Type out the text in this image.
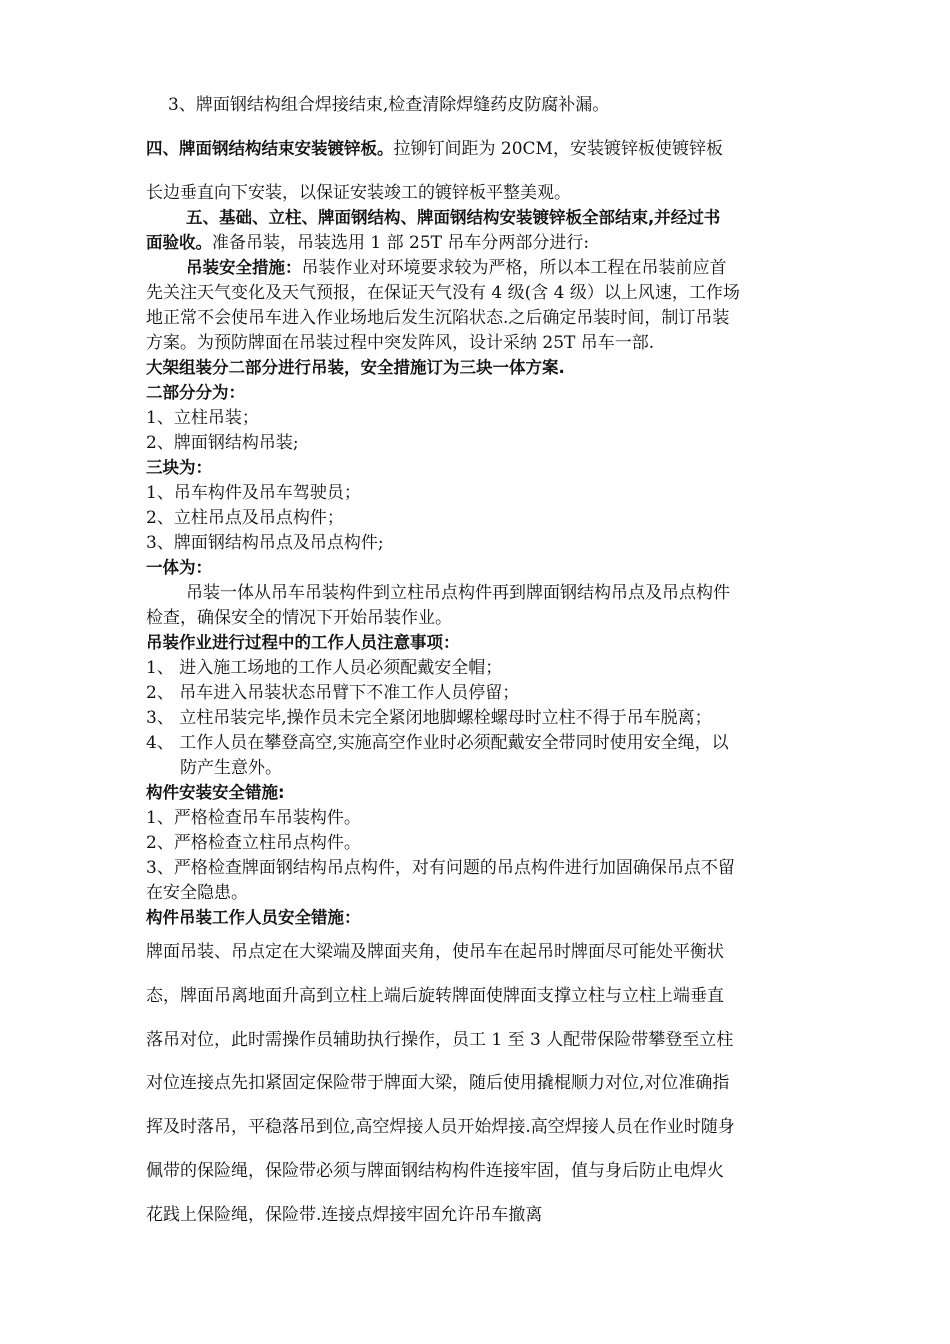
3、牌面钢结构组合焊接结束,检查清除焊缝药皮防腐补漏。
四、牌面钢结构结束安装镀锌板。拉铆钉间距为 20CM，安装镀锌板使镀锌板
长边垂直向下安装，以保证安装竣工的镀锌板平整美观。
五、基础、立柱、牌面钢结构、牌面钢结构安装镀锌板全部结束,并经过书
面验收。准备吊装，吊装选用 1 部 25T 吊车分两部分进行:
吊装安全措施：吊装作业对环境要求较为严格，所以本工程在吊装前应首
先关注天气变化及天气预报，在保证天气没有 4 级(含 4 级）以上风速，工作场
地正常不会使吊车进入作业场地后发生沉陷状态.之后确定吊装时间，制订吊装
方案。为预防牌面在吊装过程中突发阵风，设计采纳 25T 吊车一部.
大架组装分二部分进行吊装，安全措施订为三块一体方案.
二部分分为：
1、立柱吊装；
2、牌面钢结构吊装;
三块为：
1、吊车构件及吊车驾驶员；
2、立柱吊点及吊点构件；
3、牌面钢结构吊点及吊点构件;
一体为：
吊装一体从吊车吊装构件到立柱吊点构件再到牌面钢结构吊点及吊点构件
检查，确保安全的情况下开始吊装作业。
吊装作业进行过程中的工作人员注意事项：
1、 进入施工场地的工作人员必须配戴安全帽；
2、 吊车进入吊装状态吊臂下不准工作人员停留；
3、 立柱吊装完毕,操作员未完全紧闭地脚螺栓螺母时立柱不得于吊车脱离；
4、 工作人员在攀登高空,实施高空作业时必须配戴安全带同时使用安全绳，以
防产生意外。
构件安装安全错施:
1、严格检查吊车吊装构件。
2、严格检查立柱吊点构件。
3、严格检查牌面钢结构吊点构件，对有问题的吊点构件进行加固确保吊点不留
在安全隐患。
构件吊装工作人员安全错施：
牌面吊装、吊点定在大梁端及牌面夹角，使吊车在起吊时牌面尽可能处平衡状
态，牌面吊离地面升高到立柱上端后旋转牌面使牌面支撑立柱与立柱上端垂直
落吊对位，此时需操作员辅助执行操作，员工 1 至 3 人配带保险带攀登至立柱
对位连接点先扣紧固定保险带于牌面大梁，随后使用撬棍顺力对位,对位准确指
挥及时落吊，平稳落吊到位,高空焊接人员开始焊接.高空焊接人员在作业时随身
佩带的保险绳，保险带必须与牌面钢结构构件连接牢固，值与身后防止电焊火
花践上保险绳，保险带.连接点焊接牢固允许吊车撤离
